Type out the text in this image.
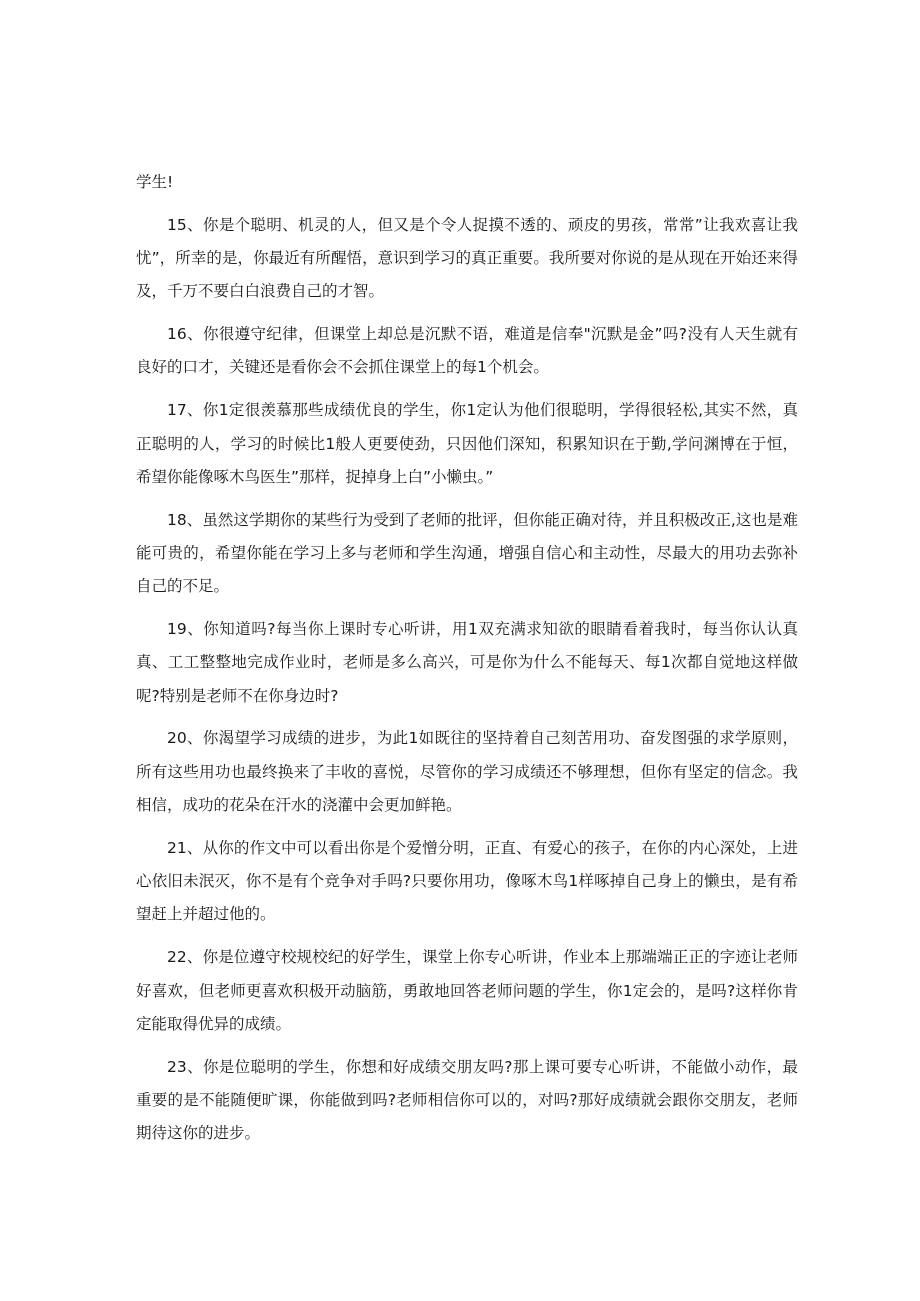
学生!

15、你是个聪明、机灵的人，但又是个令人捉摸不透的、顽皮的男孩，常常”让我欢喜让我忧”，所幸的是，你最近有所醒悟，意识到学习的真正重要。我所要对你说的是从现在开始还来得及，千万不要白白浪费自己的才智。

16、你很遵守纪律，但课堂上却总是沉默不语，难道是信奉"沉默是金”吗?没有人天生就有良好的口才，关键还是看你会不会抓住课堂上的每1个机会。

17、你1定很羡慕那些成绩优良的学生，你1定认为他们很聪明，学得很轻松,其实不然，真正聪明的人，学习的时候比1般人更要使劲，只因他们深知，积累知识在于勤,学问渊博在于恒，希望你能像啄木鸟医生”那样，捉掉身上白”小懒虫。”

18、虽然这学期你的某些行为受到了老师的批评，但你能正确对待，并且积极改正,这也是难能可贵的，希望你能在学习上多与老师和学生沟通，增强自信心和主动性，尽最大的用功去弥补自己的不足。

19、你知道吗?每当你上课时专心听讲，用1双充满求知欲的眼睛看着我时，每当你认认真真、工工整整地完成作业时，老师是多么高兴，可是你为什么不能每天、每1次都自觉地这样做呢?特别是老师不在你身边时?

20、你渴望学习成绩的进步，为此1如既往的坚持着自己刻苦用功、奋发图强的求学原则，所有这些用功也最终换来了丰收的喜悦，尽管你的学习成绩还不够理想，但你有坚定的信念。我相信，成功的花朵在汗水的浇灌中会更加鲜艳。

21、从你的作文中可以看出你是个爱憎分明，正直、有爱心的孩子，在你的内心深处，上进心依旧未泯灭，你不是有个竞争对手吗?只要你用功，像啄木鸟1样啄掉自己身上的懒虫，是有希望赶上并超过他的。

22、你是位遵守校规校纪的好学生，课堂上你专心听讲，作业本上那端端正正的字迹让老师好喜欢，但老师更喜欢积极开动脑筋，勇敢地回答老师问题的学生，你1定会的，是吗?这样你肯定能取得优异的成绩。

23、你是位聪明的学生，你想和好成绩交朋友吗?那上课可要专心听讲，不能做小动作，最重要的是不能随便旷课，你能做到吗?老师相信你可以的，对吗?那好成绩就会跟你交朋友，老师期待这你的进步。
